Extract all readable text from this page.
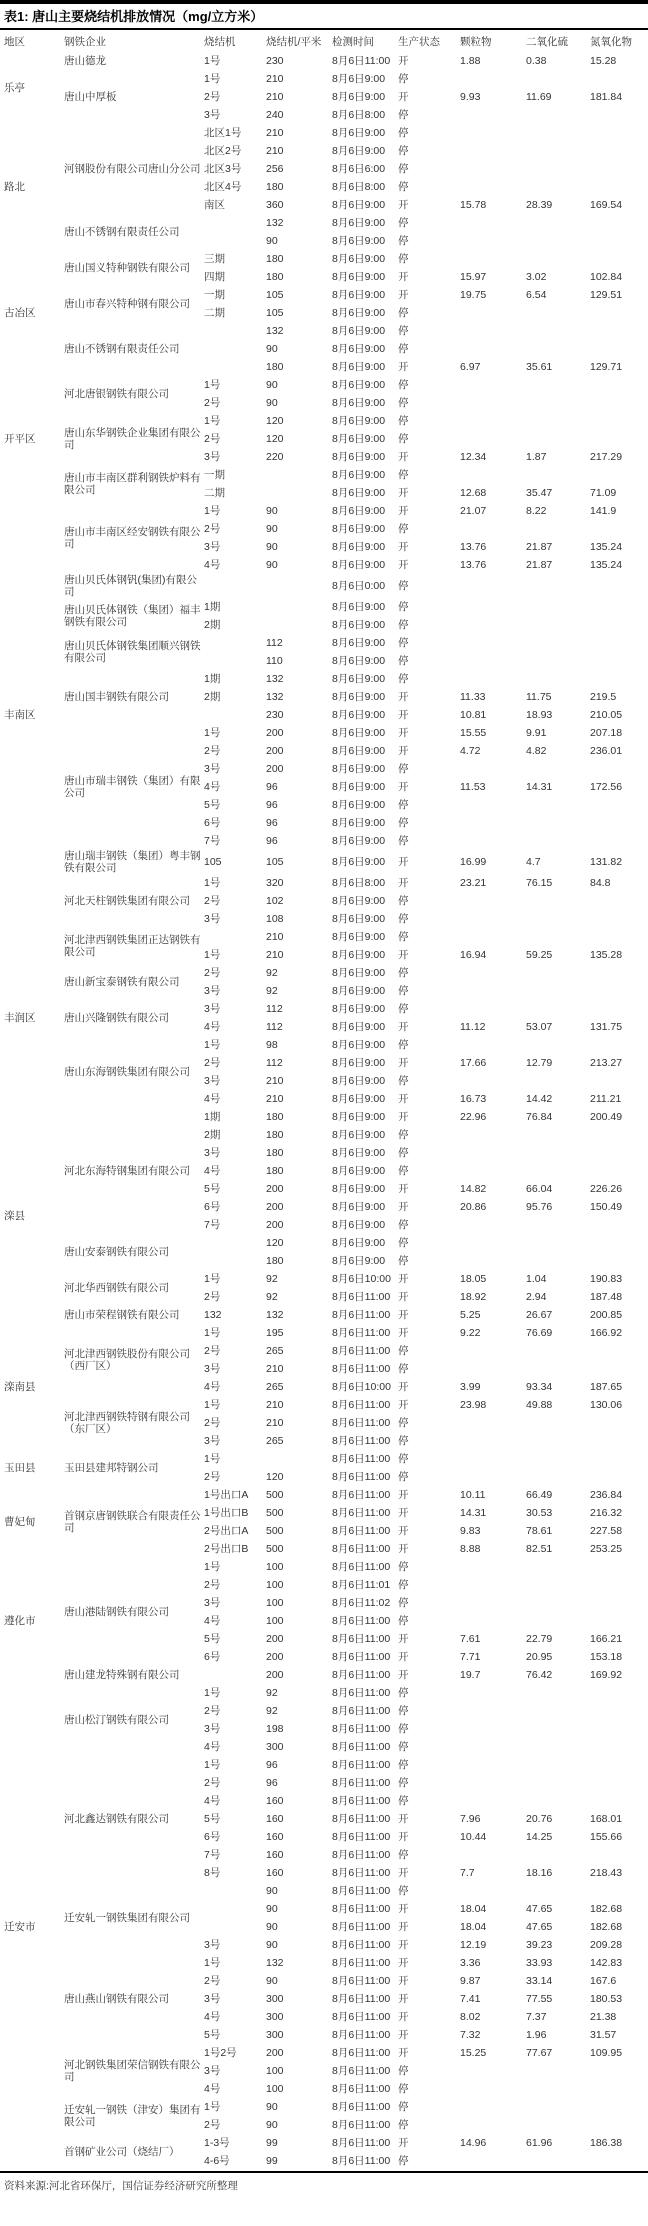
表1: 唐山主要烧结机排放情况（mg/立方米）
地区	钢铁企业	烧结机	烧结机/平米	检测时间	生产状态	颗粒物	二氧化硫	氮氧化物
乐亭	唐山德龙	1号	230	8月6日11:00	开	1.88	0.38	15.28
	唐山中厚板	1号	210	8月6日9:00	停			
		2号	210	8月6日9:00	开	9.93	11.69	181.84
		3号	240	8月6日8:00	停			
路北	河钢股份有限公司唐山分公司	北区1号	210	8月6日9:00	停			
		北区2号	210	8月6日9:00	停			
		北区3号	256	8月6日6:00	停			
		北区4号	180	8月6日8:00	停			
		南区	360	8月6日9:00	开	15.78	28.39	169.54
	唐山不锈钢有限责任公司		132	8月6日9:00	停			
			90	8月6日9:00	停			
古冶区	唐山国义特种钢铁有限公司	三期	180	8月6日9:00	停			
		四期	180	8月6日9:00	开	15.97	3.02	102.84
	唐山市春兴特种钢有限公司	一期	105	8月6日9:00	开	19.75	6.54	129.51
		二期	105	8月6日9:00	停			
	唐山不锈钢有限责任公司		132	8月6日9:00	停			
			90	8月6日9:00	停			
			180	8月6日9:00	开	6.97	35.61	129.71
开平区	河北唐银钢铁有限公司	1号	90	8月6日9:00	停			
		2号	90	8月6日9:00	停			
	唐山东华钢铁企业集团有限公司	1号	120	8月6日9:00	停			
		2号	120	8月6日9:00	停			
		3号	220	8月6日9:00	开	12.34	1.87	217.29
	唐山市丰南区群利钢铁炉料有限公司	一期		8月6日9:00	停			
		二期		8月6日9:00	开	12.68	35.47	71.09
丰南区	唐山市丰南区经安钢铁有限公司	1号	90	8月6日9:00	开	21.07	8.22	141.9
		2号	90	8月6日9:00	停			
		3号	90	8月6日9:00	开	13.76	21.87	135.24
		4号	90	8月6日9:00	开	13.76	21.87	135.24
	唐山贝氏体钢钒(集团)有限公司			8月6日0:00	停			
	唐山贝氏体钢铁（集团）福丰钢铁有限公司	1期		8月6日9:00	停			
		2期		8月6日9:00	停			
	唐山贝氏体钢铁集团顺兴钢铁有限公司		112	8月6日9:00	停			
			110	8月6日9:00	停			
	唐山国丰钢铁有限公司	1期	132	8月6日9:00	停			
		2期	132	8月6日9:00	开	11.33	11.75	219.5
			230	8月6日9:00	开	10.81	18.93	210.05
	唐山市瑞丰钢铁（集团）有限公司	1号	200	8月6日9:00	开	15.55	9.91	207.18
		2号	200	8月6日9:00	开	4.72	4.82	236.01
		3号	200	8月6日9:00	停			
		4号	96	8月6日9:00	开	11.53	14.31	172.56
		5号	96	8月6日9:00	停			
		6号	96	8月6日9:00	停			
		7号	96	8月6日9:00	停			
	唐山瑞丰钢铁（集团）粤丰钢铁有限公司	105	105	8月6日9:00	开	16.99	4.7	131.82
	河北天柱钢铁集团有限公司	1号	320	8月6日8:00	开	23.21	76.15	84.8
		2号	102	8月6日9:00	停			
		3号	108	8月6日9:00	停			
丰润区	河北津西钢铁集团正达钢铁有限公司		210	8月6日9:00	停			
		1号	210	8月6日9:00	开	16.94	59.25	135.28
	唐山新宝泰钢铁有限公司	2号	92	8月6日9:00	停			
		3号	92	8月6日9:00	停			
	唐山兴隆钢铁有限公司	3号	112	8月6日9:00	停			
		4号	112	8月6日9:00	开	11.12	53.07	131.75
	唐山东海钢铁集团有限公司	1号	98	8月6日9:00	停			
		2号	112	8月6日9:00	开	17.66	12.79	213.27
		3号	210	8月6日9:00	停			
		4号	210	8月6日9:00	开	16.73	14.42	211.21
滦县	河北东海特钢集团有限公司	1期	180	8月6日9:00	开	22.96	76.84	200.49
		2期	180	8月6日9:00	停			
		3号	180	8月6日9:00	停			
		4号	180	8月6日9:00	停			
		5号	200	8月6日9:00	开	14.82	66.04	226.26
		6号	200	8月6日9:00	开	20.86	95.76	150.49
		7号	200	8月6日9:00	停			
	唐山安泰钢铁有限公司		120	8月6日9:00	停			
			180	8月6日9:00	停			
	河北华西钢铁有限公司	1号	92	8月6日10:00	开	18.05	1.04	190.83
		2号	92	8月6日11:00	开	18.92	2.94	187.48
	唐山市荣程钢铁有限公司	132	132	8月6日11:00	开	5.25	26.67	200.85
滦南县	河北津西钢铁股份有限公司（西厂区）	1号	195	8月6日11:00	开	9.22	76.69	166.92
		2号	265	8月6日11:00	停			
		3号	210	8月6日11:00	停			
		4号	265	8月6日10:00	开	3.99	93.34	187.65
	河北津西钢铁特钢有限公司（东厂区）	1号	210	8月6日11:00	开	23.98	49.88	130.06
		2号	210	8月6日11:00	停			
		3号	265	8月6日11:00	停			
玉田县	玉田县建邦特钢公司	1号		8月6日11:00	停			
		2号	120	8月6日11:00	停			
曹妃甸	首钢京唐钢铁联合有限责任公司	1号出口A	500	8月6日11:00	开	10.11	66.49	236.84
		1号出口B	500	8月6日11:00	开	14.31	30.53	216.32
		2号出口A	500	8月6日11:00	开	9.83	78.61	227.58
		2号出口B	500	8月6日11:00	开	8.88	82.51	253.25
遵化市	唐山港陆钢铁有限公司	1号	100	8月6日11:00	停			
		2号	100	8月6日11:01	停			
		3号	100	8月6日11:02	停			
		4号	100	8月6日11:00	停			
		5号	200	8月6日11:00	开	7.61	22.79	166.21
		6号	200	8月6日11:00	开	7.71	20.95	153.18
	唐山建龙特殊钢有限公司		200	8月6日11:00	开	19.7	76.42	169.92
迁安市	唐山松汀钢铁有限公司	1号	92	8月6日11:00	停			
		2号	92	8月6日11:00	停			
		3号	198	8月6日11:00	停			
		4号	300	8月6日11:00	停			
	河北鑫达钢铁有限公司	1号	96	8月6日11:00	停			
		2号	96	8月6日11:00	停			
		4号	160	8月6日11:00	停			
		5号	160	8月6日11:00	开	7.96	20.76	168.01
		6号	160	8月6日11:00	开	10.44	14.25	155.66
		7号	160	8月6日11:00	停			
		8号	160	8月6日11:00	开	7.7	18.16	218.43
	迁安轧一钢铁集团有限公司		90	8月6日11:00	停			
			90	8月6日11:00	开	18.04	47.65	182.68
			90	8月6日11:00	开	18.04	47.65	182.68
		3号	90	8月6日11:00	开	12.19	39.23	209.28
	唐山燕山钢铁有限公司	1号	132	8月6日11:00	开	3.36	33.93	142.83
		2号	90	8月6日11:00	开	9.87	33.14	167.6
		3号	300	8月6日11:00	开	7.41	77.55	180.53
		4号	300	8月6日11:00	开	8.02	7.37	21.38
		5号	300	8月6日11:00	开	7.32	1.96	31.57
	河北钢铁集团荣信钢铁有限公司	1号2号	200	8月6日11:00	开	15.25	77.67	109.95
		3号	100	8月6日11:00	停			
		4号	100	8月6日11:00	停			
	迁安轧一钢铁（津安）集团有限公司	1号	90	8月6日11:00	停			
		2号	90	8月6日11:00	停			
	首钢矿业公司（烧结厂）	1-3号	99	8月6日11:00	开	14.96	61.96	186.38
		4-6号	99	8月6日11:00	停			
资料来源:河北省环保厅，国信证券经济研究所整理
